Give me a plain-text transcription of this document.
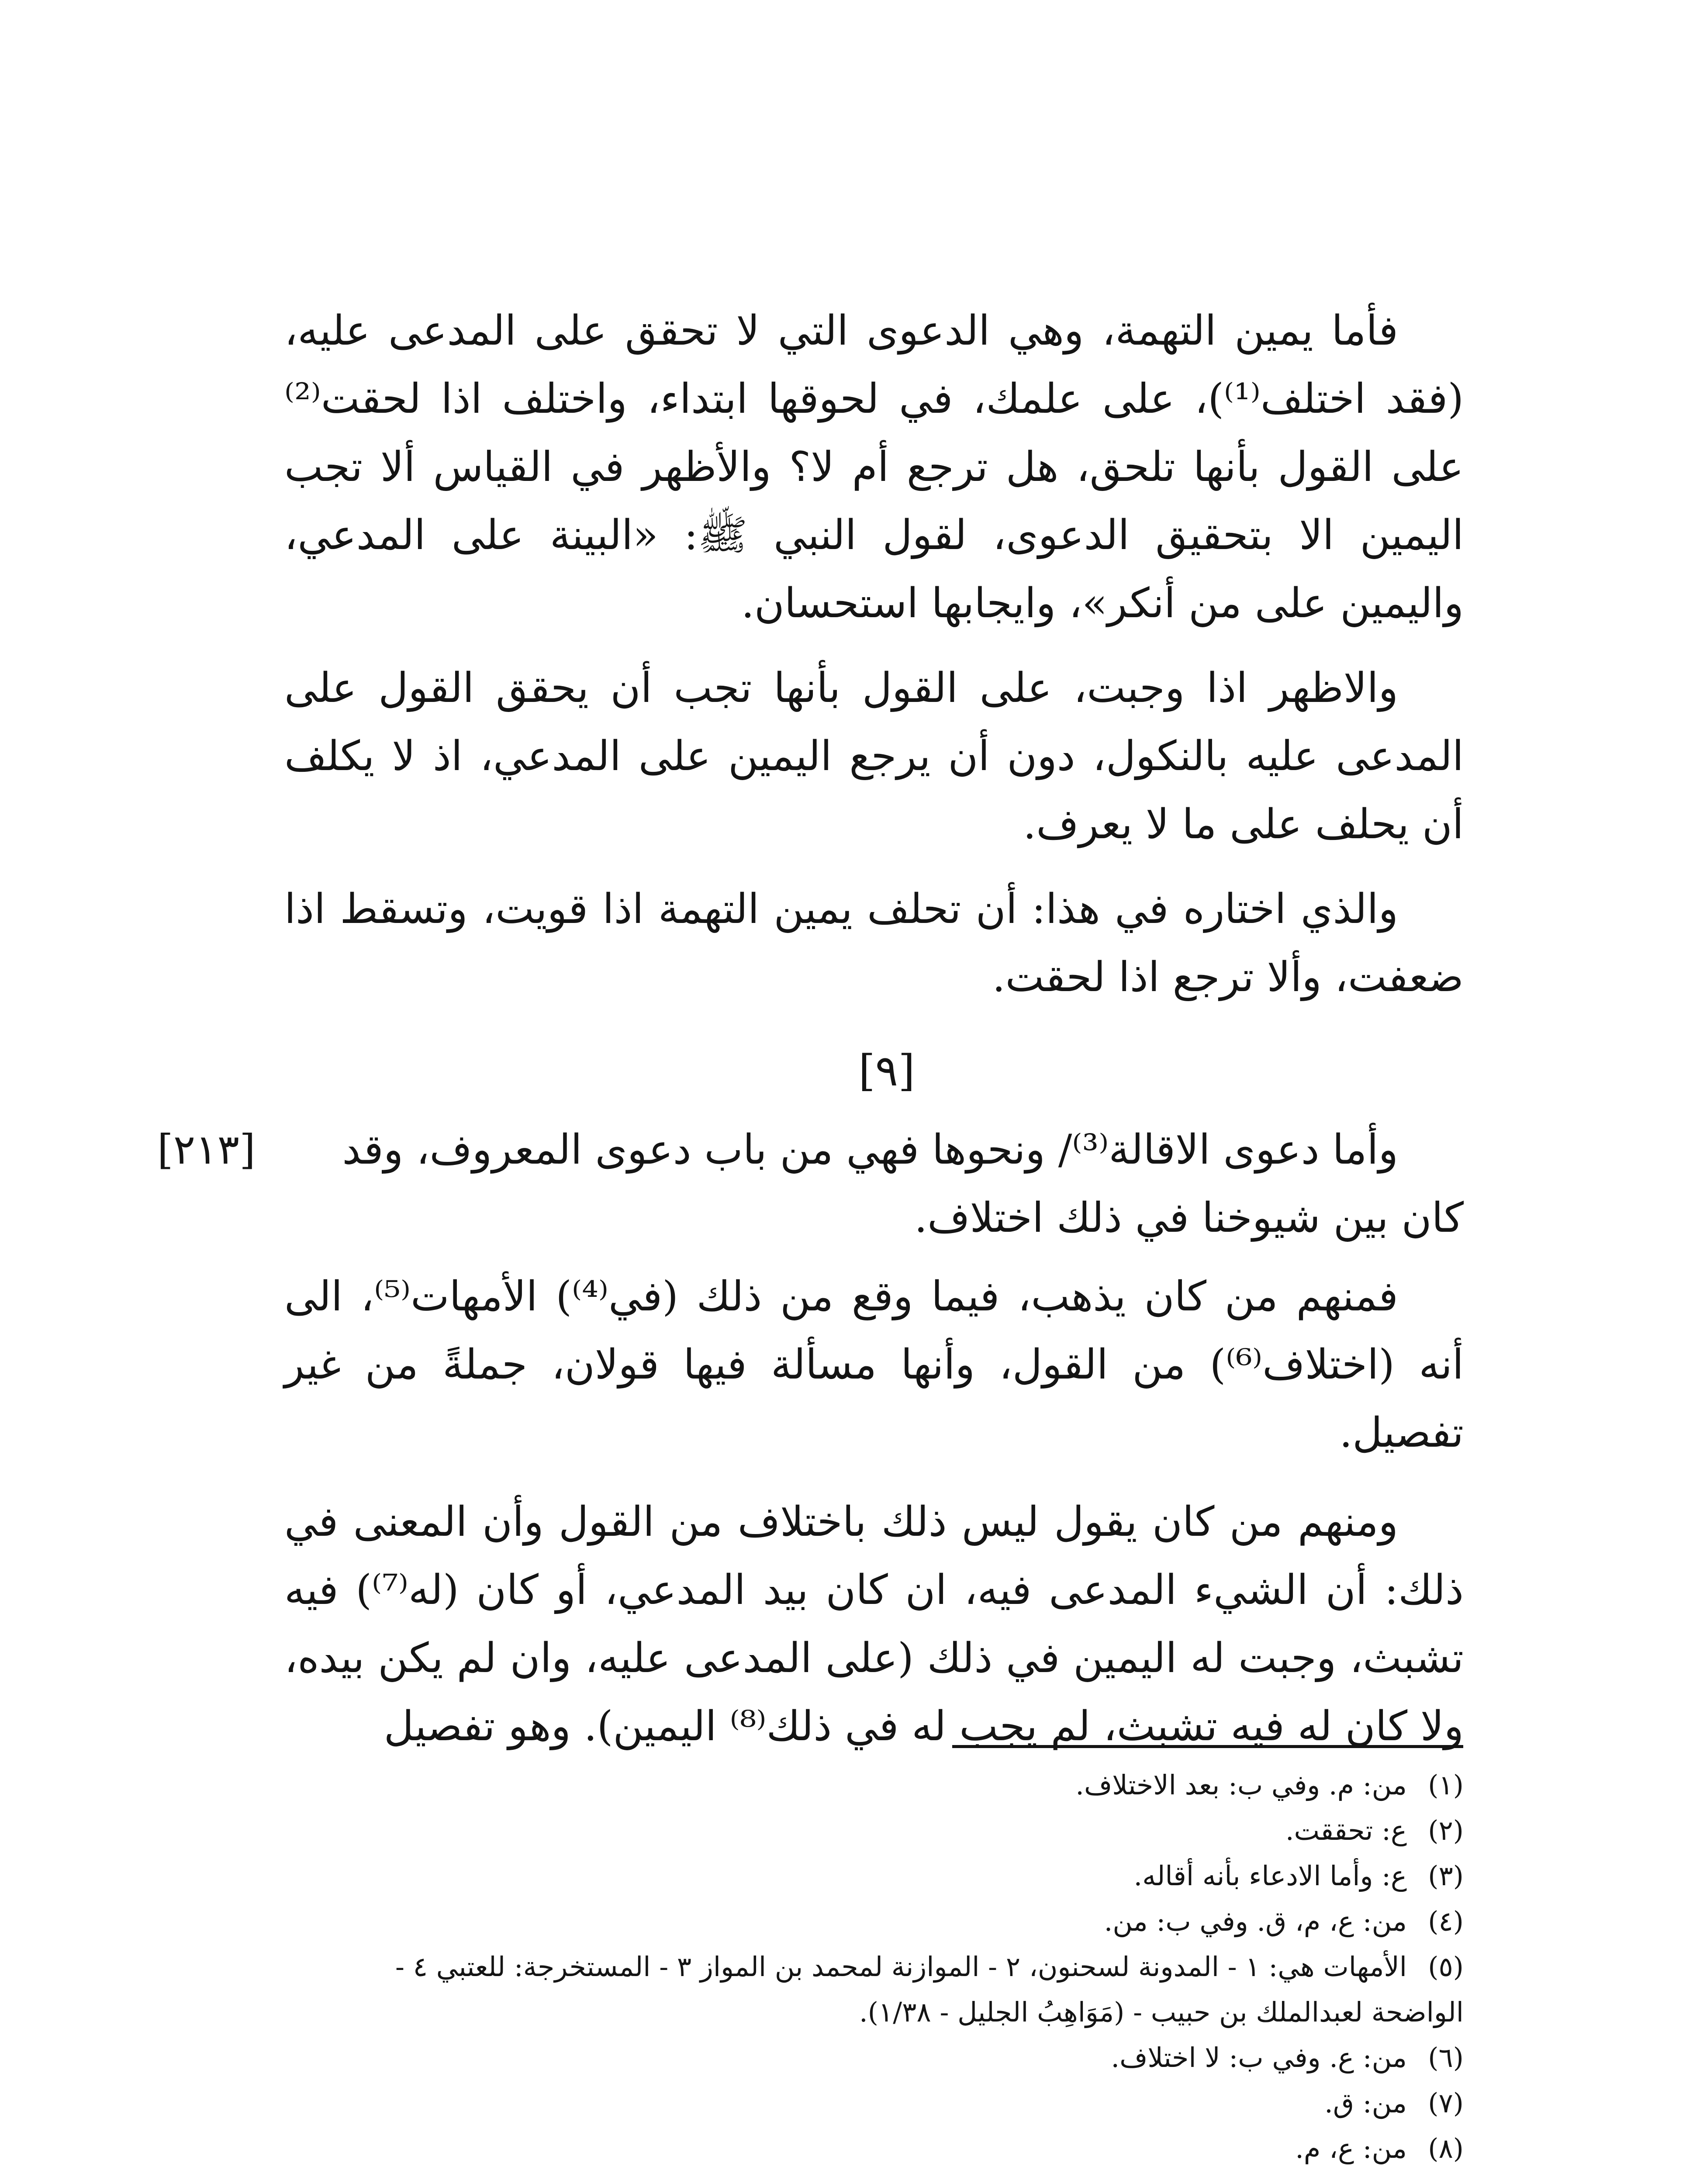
فأما يمين التهمة، وهي الدعوى التي لا تحقق على المدعى عليه، (فقد اختلف⁽¹⁾)، على علمك، في لحوقها ابتداء، واختلف اذا لحقت⁽²⁾ على القول بأنها تلحق، هل ترجع أم لا؟ والأظهر في القياس ألا تجب اليمين الا بتحقيق الدعوى، لقول النبي ﷺ: «البينة على المدعي، واليمين على من أنكر»، وايجابها استحسان.

والاظهر اذا وجبت، على القول بأنها تجب أن يحقق القول على المدعى عليه بالنكول، دون أن يرجع اليمين على المدعي، اذ لا يكلف أن يحلف على ما لا يعرف.

والذي اختاره في هذا: أن تحلف يمين التهمة اذا قويت، وتسقط اذا ضعفت، وألا ترجع اذا لحقت.

[٩]

وأما دعوى الاقالة⁽³⁾/ ونحوها فهي من باب دعوى المعروف، وقد
[٢١٣]

كان بين شيوخنا في ذلك اختلاف.

فمنهم من كان يذهب، فيما وقع من ذلك (في⁽⁴⁾) الأمهات⁽⁵⁾، الى أنه (اختلاف⁽⁶⁾) من القول، وأنها مسألة فيها قولان، جملةً من غير تفصيل.

ومنهم من كان يقول ليس ذلك باختلاف من القول وأن المعنى في ذلك: أن الشيء المدعى فيه، ان كان بيد المدعي، أو كان (له⁽⁷⁾) فيه تشبث، وجبت له اليمين في ذلك (على المدعى عليه، وان لم يكن بيده، ولا كان له فيه تشبث، لم يجب له في ذلك⁽⁸⁾ اليمين). وهو تفصيل

(١)
من: م. وفي ب: بعد الاختلاف.
(٢)
ع: تحققت.
(٣)
ع: وأما الادعاء بأنه أقاله.
(٤)
من: ع، م، ق. وفي ب: من.
(٥)
الأمهات هي: ١ - المدونة لسحنون، ٢ - الموازنة لمحمد بن المواز ٣ - المستخرجة: للعتبي ٤ -
الواضحة لعبدالملك بن حبيب - (مَوَاهِبُ الجليل - ١/٣٨).
(٦)
من: ع. وفي ب: لا اختلاف.
(٧)
من: ق.
(٨)
من: ع، م.
